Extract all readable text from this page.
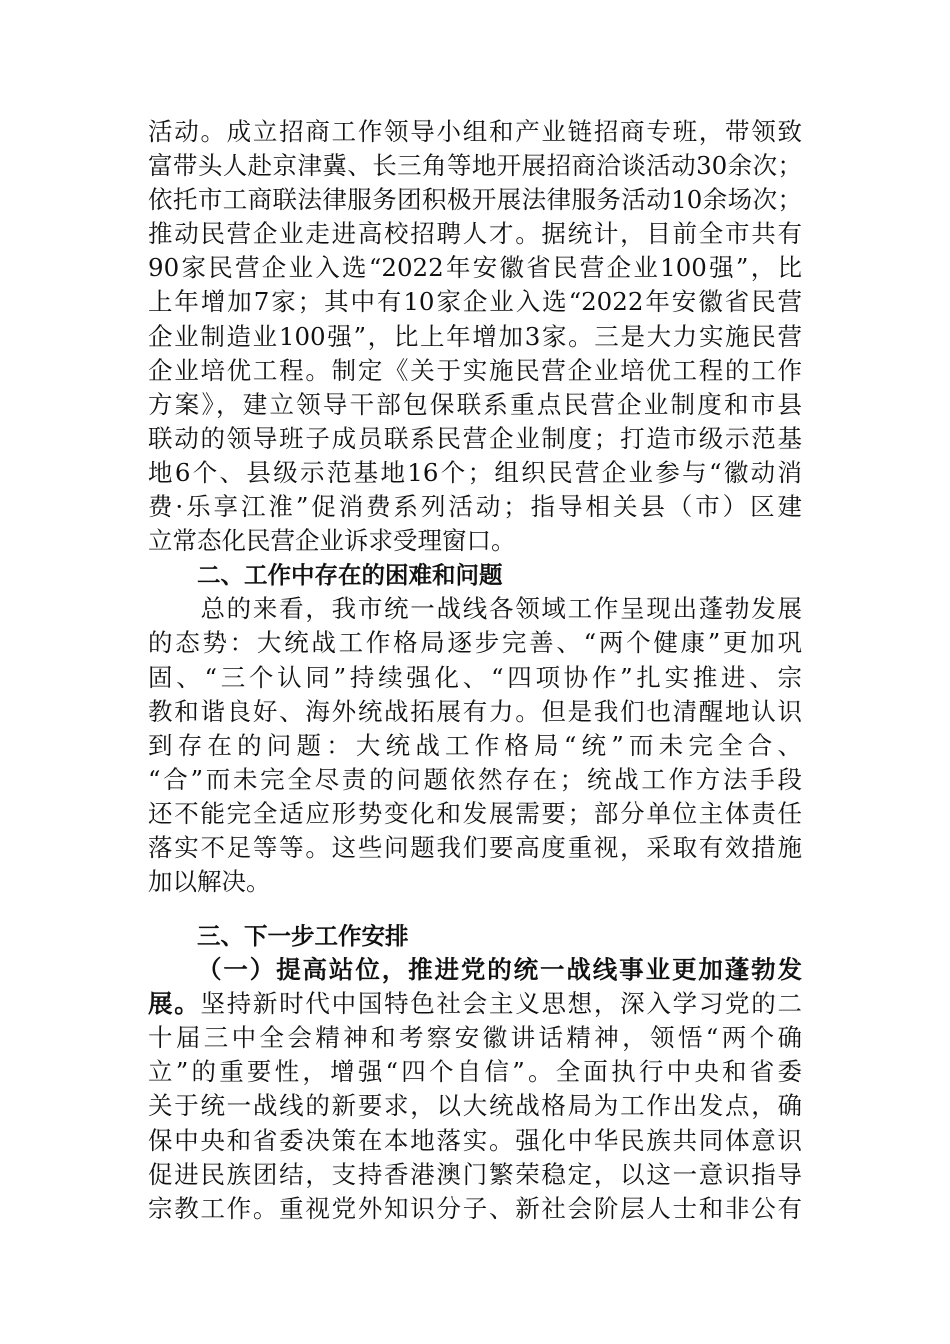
活动。成立招商工作领导小组和产业链招商专班，带领致
富带头人赴京津冀、长三角等地开展招商洽谈活动30余次；
依托市工商联法律服务团积极开展法律服务活动10余场次；
推动民营企业走进高校招聘人才。据统计，目前全市共有
90家民营企业入选“2022年安徽省民营企业100强”，比
上年增加7家；其中有10家企业入选“2022年安徽省民营
企业制造业100强”，比上年增加3家。三是大力实施民营
企业培优工程。制定《关于实施民营企业培优工程的工作
方案》，建立领导干部包保联系重点民营企业制度和市县
联动的领导班子成员联系民营企业制度；打造市级示范基
地6个、县级示范基地16个；组织民营企业参与“徽动消
费·乐享江淮”促消费系列活动；指导相关县（市）区建
立常态化民营企业诉求受理窗口。
二、工作中存在的困难和问题
　　总的来看，我市统一战线各领域工作呈现出蓬勃发展
的态势：大统战工作格局逐步完善、“两个健康”更加巩
固、“三个认同”持续强化、“四项协作”扎实推进、宗
教和谐良好、海外统战拓展有力。但是我们也清醒地认识
到存在的问题：大统战工作格局“统”而未完全合、
“合”而未完全尽责的问题依然存在；统战工作方法手段
还不能完全适应形势变化和发展需要；部分单位主体责任
落实不足等等。这些问题我们要高度重视，采取有效措施
加以解决。
三、下一步工作安排
（一）提高站位，推进党的统一战线事业更加蓬勃发
展。坚持新时代中国特色社会主义思想，深入学习党的二
十届三中全会精神和考察安徽讲话精神，领悟“两个确
立”的重要性，增强“四个自信”。全面执行中央和省委
关于统一战线的新要求，以大统战格局为工作出发点，确
保中央和省委决策在本地落实。强化中华民族共同体意识
促进民族团结，支持香港澳门繁荣稳定，以这一意识指导
宗教工作。重视党外知识分子、新社会阶层人士和非公有
